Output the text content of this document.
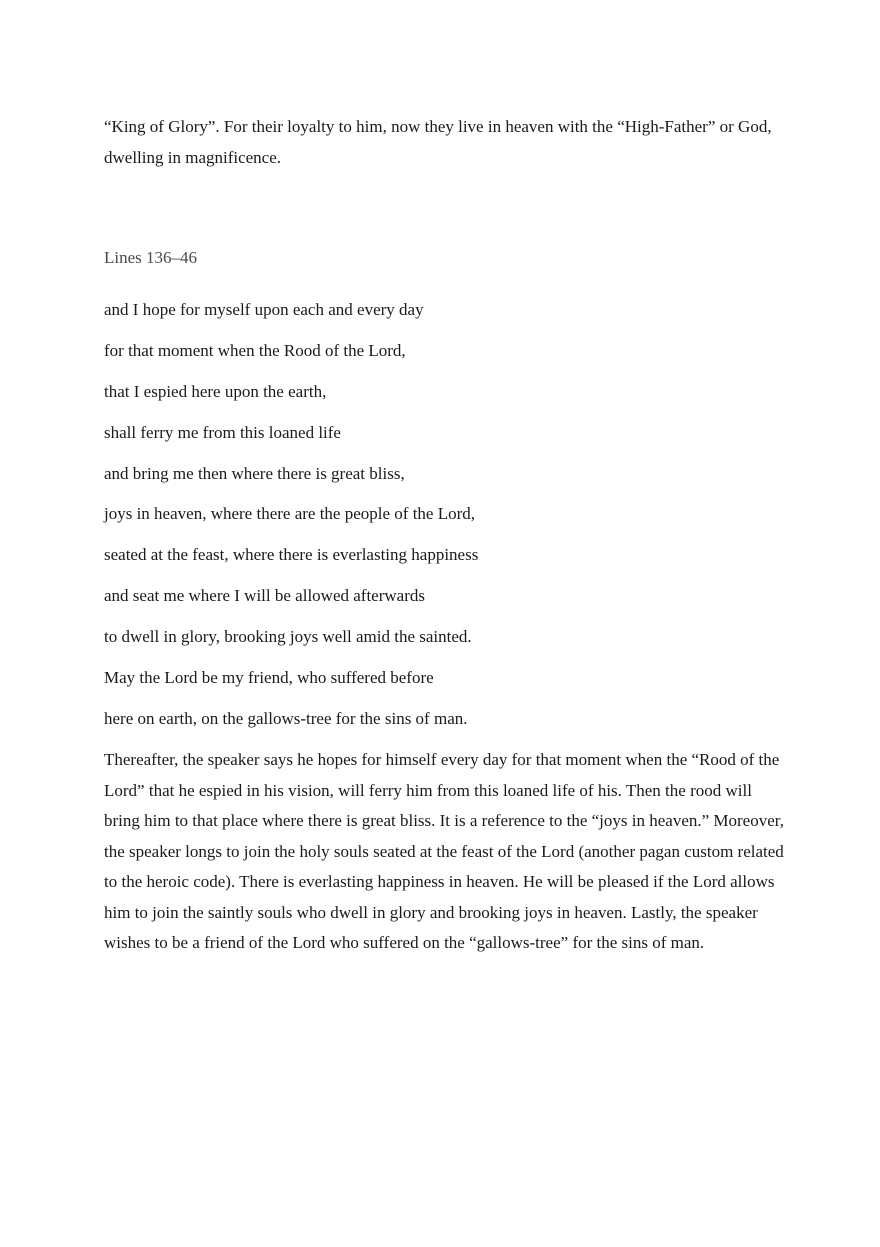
“King of Glory”. For their loyalty to him, now they live in heaven with the “High-Father” or God, dwelling in magnificence.

Lines 136–46

and I hope for myself upon each and every day

for that moment when the Rood of the Lord,

that I espied here upon the earth,

shall ferry me from this loaned life

and bring me then where there is great bliss,

joys in heaven, where there are the people of the Lord,

seated at the feast, where there is everlasting happiness

and seat me where I will be allowed afterwards

to dwell in glory, brooking joys well amid the sainted.

May the Lord be my friend, who suffered before

here on earth, on the gallows-tree for the sins of man.

Thereafter, the speaker says he hopes for himself every day for that moment when the “Rood of the Lord” that he espied in his vision, will ferry him from this loaned life of his. Then the rood will bring him to that place where there is great bliss. It is a reference to the “joys in heaven.” Moreover, the speaker longs to join the holy souls seated at the feast of the Lord (another pagan custom related to the heroic code). There is everlasting happiness in heaven. He will be pleased if the Lord allows him to join the saintly souls who dwell in glory and brooking joys in heaven. Lastly, the speaker wishes to be a friend of the Lord who suffered on the “gallows-tree” for the sins of man.
